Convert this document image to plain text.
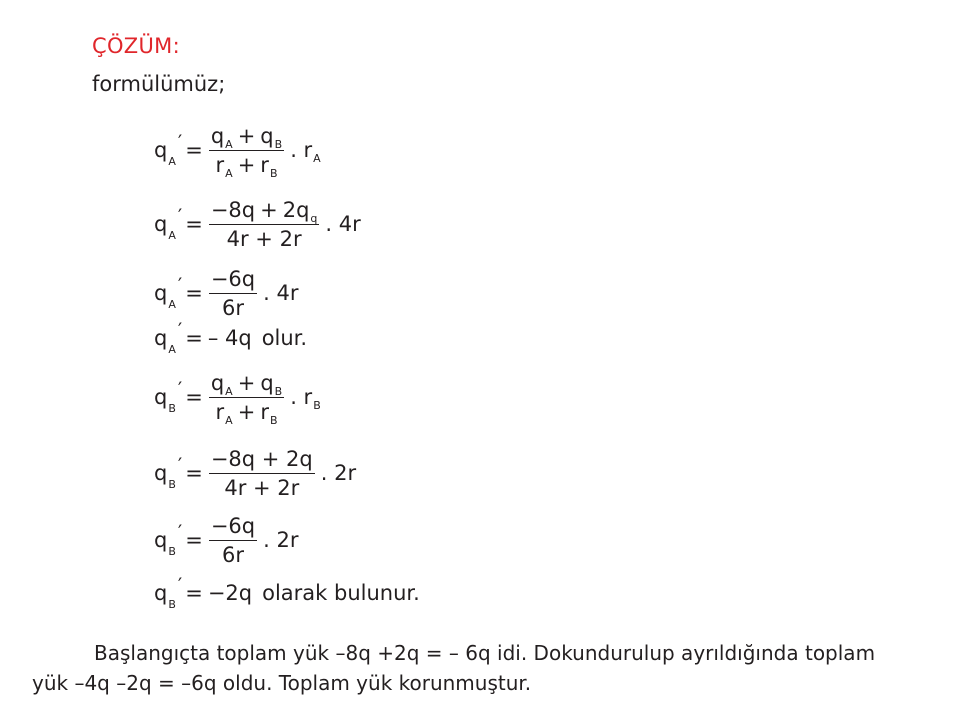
ÇÖZÜM:
formülümüz;
$q_A' = \frac{q_A + q_B}{r_A + r_B}$ . $r_A$
$q_A' = \frac{-8q + 2q_q}{4r + 2r}$ . 4r
$q_A' = \frac{-6q}{6r}$ . 4r
$q_A'$ = – 4q olur.
$q_B' = \frac{q_A + q_B}{r_A + r_B}$ . $r_B$
$q_B' = \frac{-8q + 2q}{4r + 2r}$ . 2r
$q_B' = \frac{-6q}{6r}$ . 2r
$q_B' = -2q$ olarak bulunur.
Başlangıçta toplam yük –8q +2q = – 6q idi. Dokundurulup ayrıldığında toplam
yük –4q –2q = –6q oldu. Toplam yük korunmuştur.
